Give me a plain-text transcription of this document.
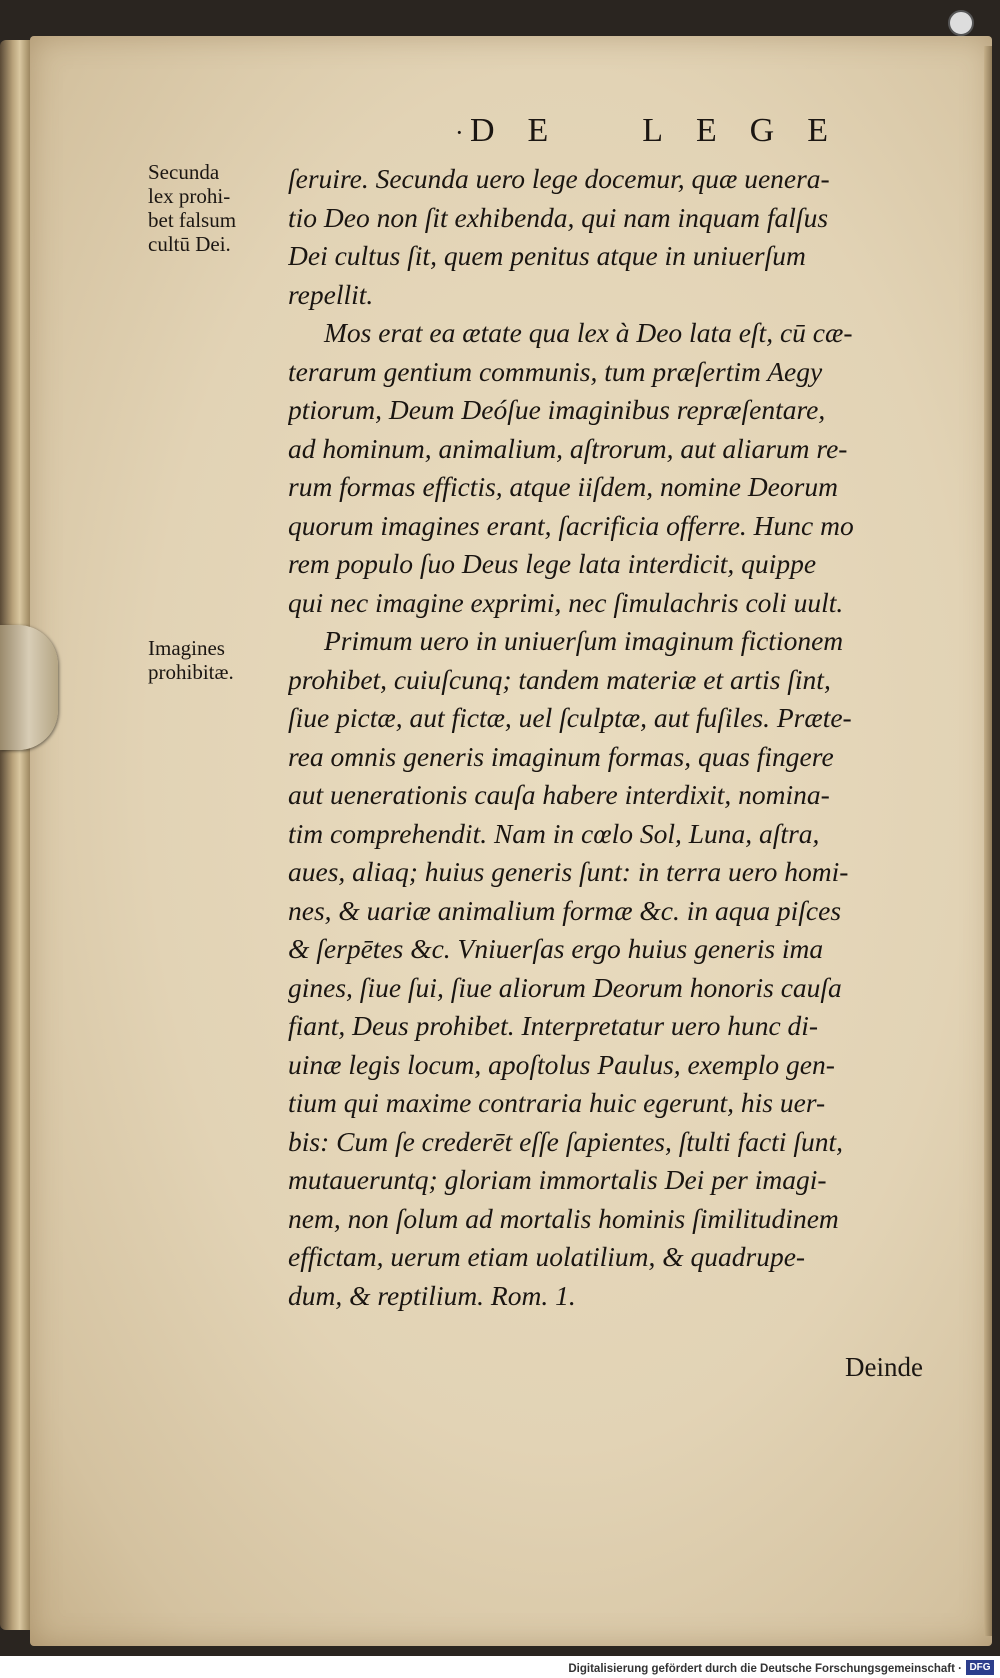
· D E	L E G E
Secunda
lex prohi-
bet falsum
cultū Dei.
Imagines
prohibitæ.
ſeruire. Secunda uero lege docemur, quæ uenera-
tio Deo non ſit exhibenda, qui nam inquam falſus
Dei cultus ſit, quem penitus atque in uniuerſum
repellit.
Mos erat ea ætate qua lex à Deo lata eſt, cū cæ-
terarum gentium communis, tum præſertim Aegy
ptiorum, Deum Deóſue imaginibus repræſentare,
ad hominum, animalium, aſtrorum, aut aliarum re-
rum formas effictis, atque iiſdem, nomine Deorum
quorum imagines erant, ſacrificia offerre. Hunc mo
rem populo ſuo Deus lege lata interdicit, quippe
qui nec imagine exprimi, nec ſimulachris coli uult.
Primum uero in uniuerſum imaginum fictionem
prohibet, cuiuſcunq; tandem materiæ et artis ſint,
ſiue pictæ, aut fictæ, uel ſculptæ, aut fuſiles. Præte-
rea omnis generis imaginum formas, quas fingere
aut uenerationis cauſa habere interdixit, nomina-
tim comprehendit. Nam in cœlo Sol, Luna, aſtra,
aues, aliaq; huius generis ſunt: in terra uero homi-
nes, & uariæ animalium formæ &c. in aqua piſces
& ſerpētes &c. Vniuerſas ergo huius generis ima
gines, ſiue ſui, ſiue aliorum Deorum honoris cauſa
fiant, Deus prohibet. Interpretatur uero hunc di-
uinæ legis locum, apoſtolus Paulus, exemplo gen-
tium qui maxime contraria huic egerunt, his uer-
bis: Cum ſe crederēt eſſe ſapientes, ſtulti facti ſunt,
mutaueruntq; gloriam immortalis Dei per imagi-
nem, non ſolum ad mortalis hominis ſimilitudinem
effictam, uerum etiam uolatilium, & quadrupe-
dum, & reptilium. Rom. 1.
Deinde
Digitalisierung gefördert durch die Deutsche Forschungsgemeinschaft · DFG
